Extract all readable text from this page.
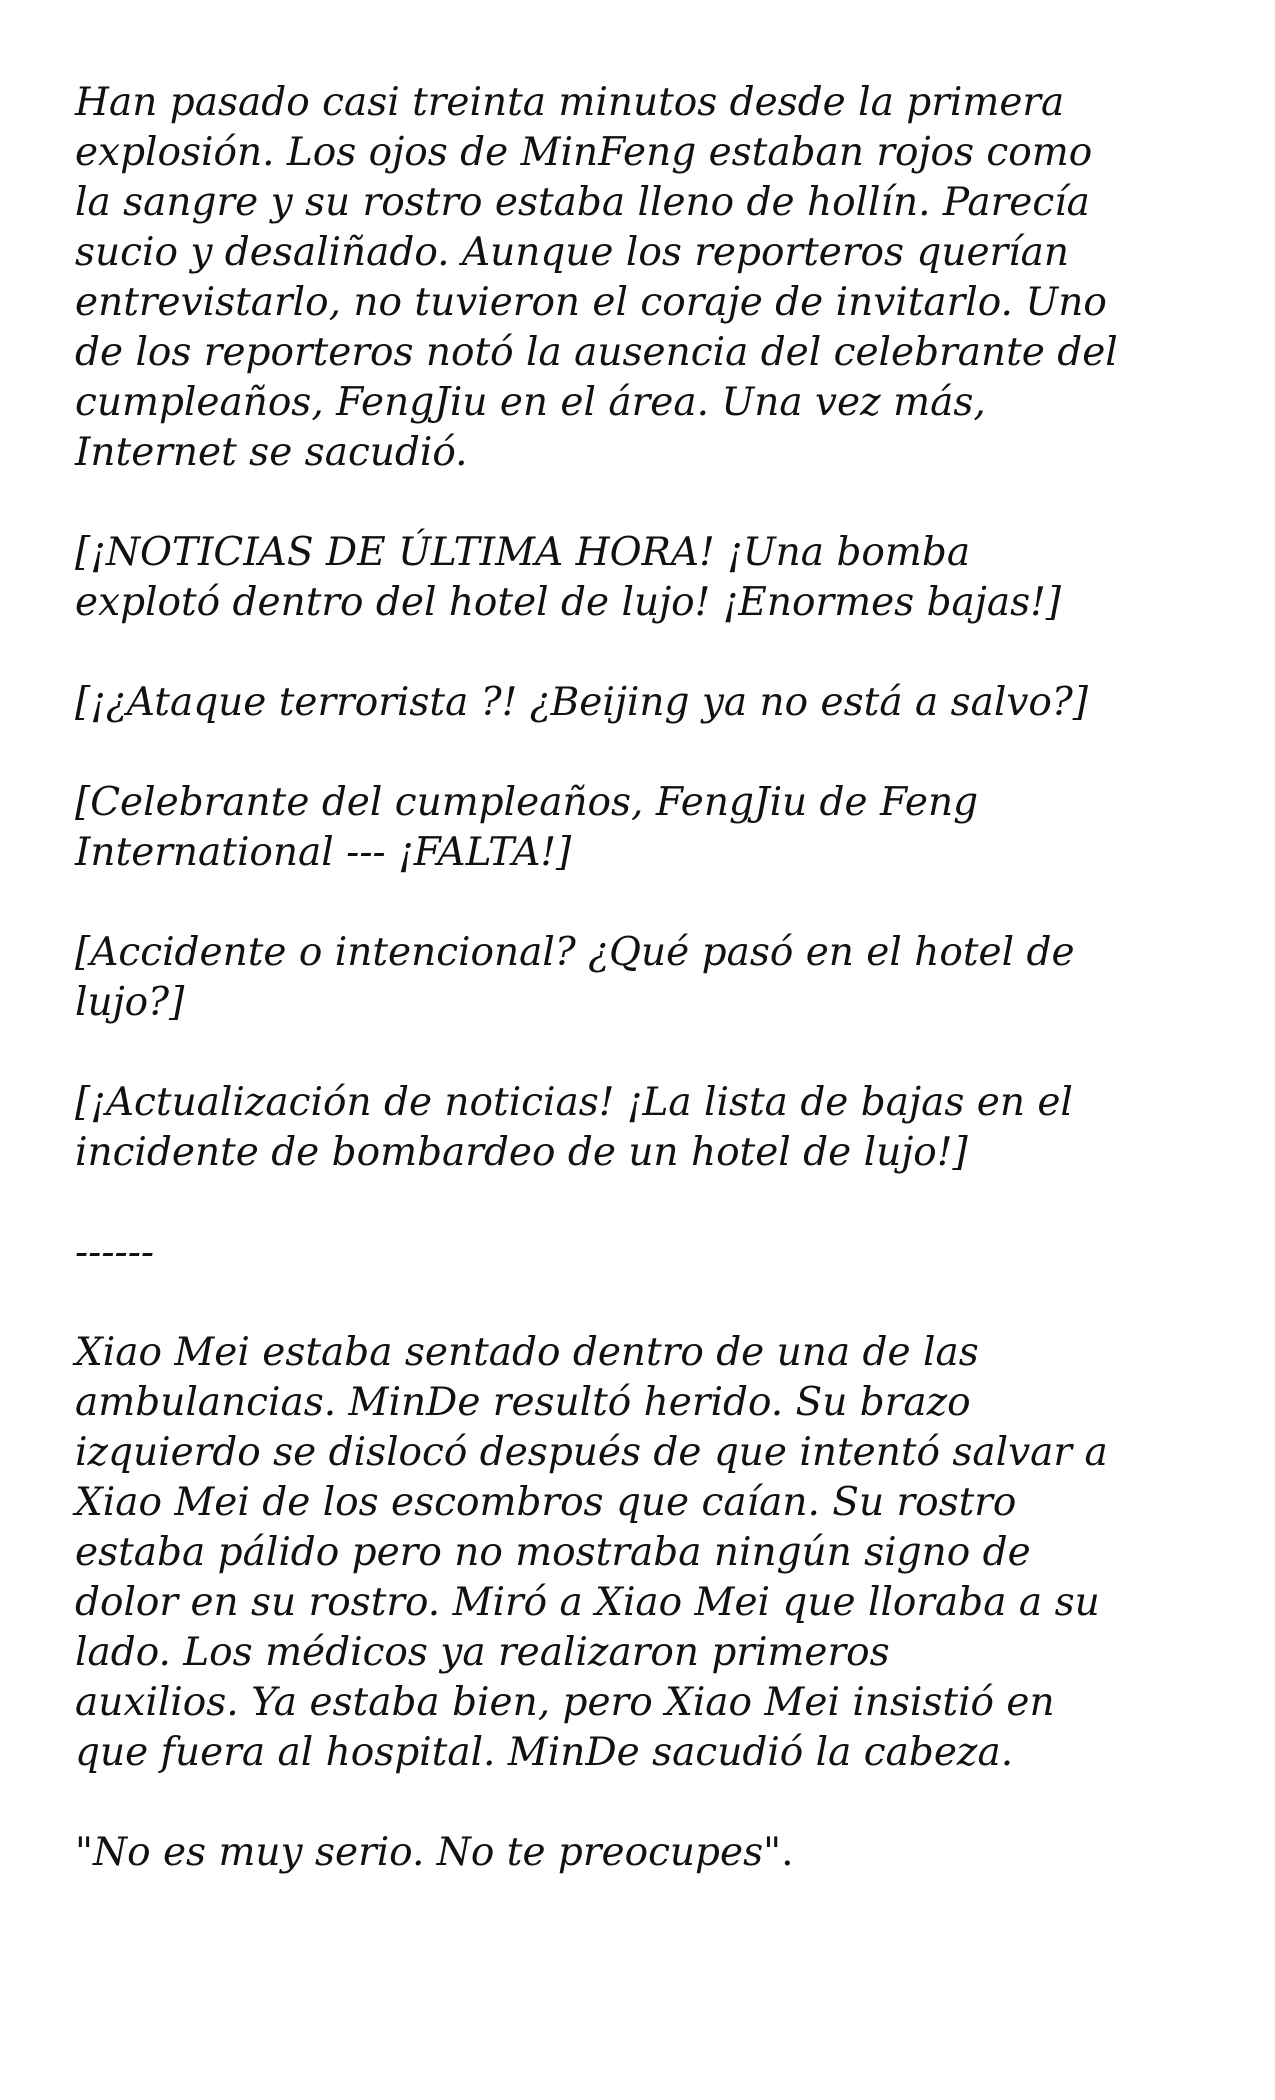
Han pasado casi treinta minutos desde la primera
explosión. Los ojos de MinFeng estaban rojos como
la sangre y su rostro estaba lleno de hollín. Parecía
sucio y desaliñado. Aunque los reporteros querían
entrevistarlo, no tuvieron el coraje de invitarlo. Uno
de los reporteros notó la ausencia del celebrante del
cumpleaños, FengJiu en el área. Una vez más,
Internet se sacudió.

[¡NOTICIAS DE ÚLTIMA HORA! ¡Una bomba
explotó dentro del hotel de lujo! ¡Enormes bajas!]

[¡¿Ataque terrorista ?! ¿Beijing ya no está a salvo?]

[Celebrante del cumpleaños, FengJiu de Feng
International --- ¡FALTA!]

[Accidente o intencional? ¿Qué pasó en el hotel de
lujo?]

[¡Actualización de noticias! ¡La lista de bajas en el
incidente de bombardeo de un hotel de lujo!]

------

Xiao Mei estaba sentado dentro de una de las
ambulancias. MinDe resultó herido. Su brazo
izquierdo se dislocó después de que intentó salvar a
Xiao Mei de los escombros que caían. Su rostro
estaba pálido pero no mostraba ningún signo de
dolor en su rostro. Miró a Xiao Mei que lloraba a su
lado. Los médicos ya realizaron primeros
auxilios. Ya estaba bien, pero Xiao Mei insistió en
que fuera al hospital. MinDe sacudió la cabeza.

"No es muy serio. No te preocupes".
